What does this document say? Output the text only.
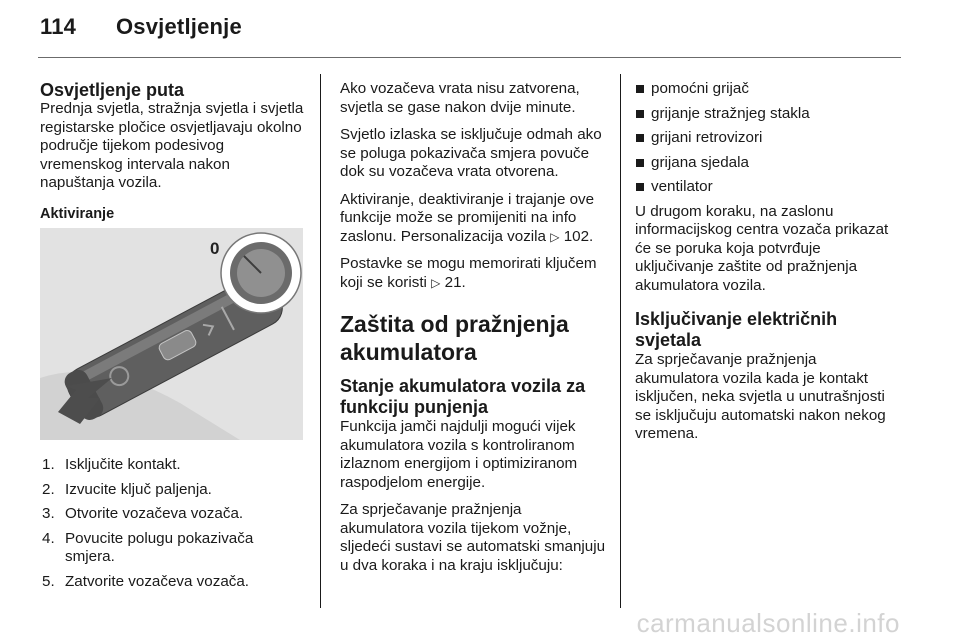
114 Osvjetljenje
Osvjetljenje puta

Prednja svjetla, stražnja svjetla i svjetla registarske pločice osvjetljavaju okolno područje tijekom podesivog vremenskog intervala nakon napuštanja vozila.

Aktiviranje
0
1. Isključite kontakt.
2. Izvucite ključ paljenja.
3. Otvorite vozačeva vozača.
4. Povucite polugu pokazivača smjera.
5. Zatvorite vozačeva vozača.

Ako vozačeva vrata nisu zatvorena, svjetla se gase nakon dvije minute.

Svjetlo izlaska se isključuje odmah ako se poluga pokazivača smjera povuče dok su vozačeva vrata otvorena.

Aktiviranje, deaktiviranje i trajanje ove funkcije može se promijeniti na info zaslonu. Personalizacija vozila ▷ 102.

Postavke se mogu memorirati ključem koji se koristi ▷ 21.

Zaštita od pražnjenja akumulatora
Stanje akumulatora vozila za funkciju punjenja

Funkcija jamči najdulji mogući vijek akumulatora vozila s kontroliranom izlaznom energijom i optimiziranom raspodjelom energije.

Za sprječavanje pražnjenja akumulatora vozila tijekom vožnje, sljedeći sustavi se automatski smanjuju u dva koraka i na kraju isključuju:

pomoćni grijač
grijanje stražnjeg stakla
grijani retrovizori
grijana sjedala
ventilator

U drugom koraku, na zaslonu informacijskog centra vozača prikazat će se poruka koja potvrđuje uključivanje zaštite od pražnjenja akumulatora vozila.

Isključivanje električnih svjetala

Za sprječavanje pražnjenja akumulatora vozila kada je kontakt isključen, neka svjetla u unutrašnjosti se isključuju automatski nakon nekog vremena.

carmanualsonline.info
